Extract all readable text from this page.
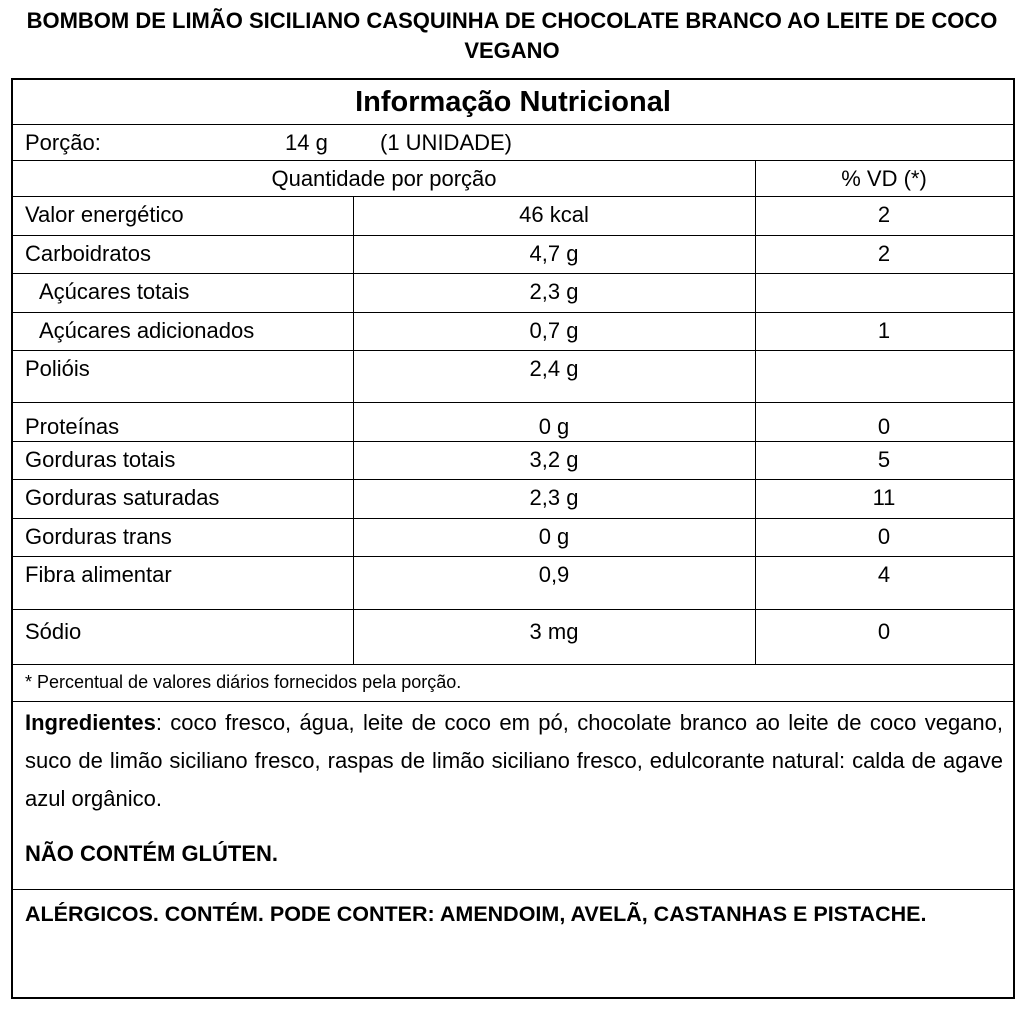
BOMBOM DE LIMÃO SICILIANO CASQUINHA DE CHOCOLATE BRANCO AO LEITE DE COCO VEGANO
Informação Nutricional
Porção:	14 g (1 UNIDADE)
Quantidade por porção	% VD (*)
Valor energético	46 kcal	2
Carboidratos	4,7 g	2
Açúcares totais	2,3 g
Açúcares adicionados	0,7 g	1
Polióis	2,4 g
Proteínas	0 g	0
Gorduras totais	3,2 g	5
Gorduras saturadas	2,3 g	11
Gorduras trans	0 g	0
Fibra alimentar	0,9	4
Sódio	3 mg	0
* Percentual de valores diários fornecidos pela porção.
Ingredientes: coco fresco, água, leite de coco em pó, chocolate branco ao leite de coco vegano, suco de limão siciliano fresco, raspas de limão siciliano fresco, edulcorante natural: calda de agave azul orgânico.
NÃO CONTÉM GLÚTEN.
ALÉRGICOS. CONTÉM. PODE CONTER: AMENDOIM, AVELÃ, CASTANHAS E PISTACHE.
